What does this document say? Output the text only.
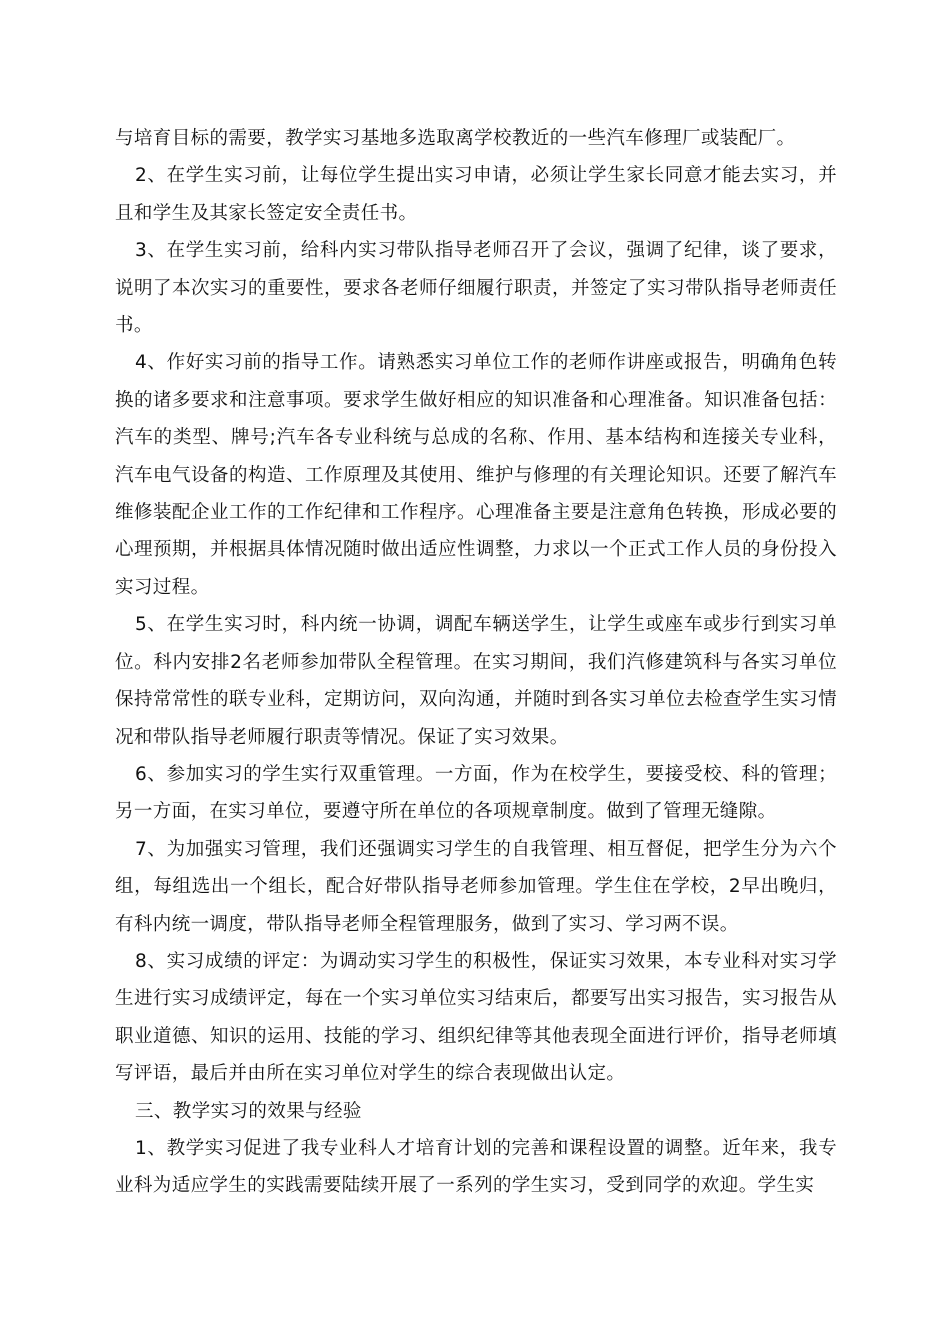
与培育目标的需要，教学实习基地多选取离学校教近的一些汽车修理厂或装配厂。

2、在学生实习前，让每位学生提出实习申请，必须让学生家长同意才能去实习，并且和学生及其家长签定安全责任书。

3、在学生实习前，给科内实习带队指导老师召开了会议，强调了纪律，谈了要求，说明了本次实习的重要性，要求各老师仔细履行职责，并签定了实习带队指导老师责任书。

4、作好实习前的指导工作。请熟悉实习单位工作的老师作讲座或报告，明确角色转换的诸多要求和注意事项。要求学生做好相应的知识准备和心理准备。知识准备包括：汽车的类型、牌号;汽车各专业科统与总成的名称、作用、基本结构和连接关专业科，汽车电气设备的构造、工作原理及其使用、维护与修理的有关理论知识。还要了解汽车维修装配企业工作的工作纪律和工作程序。心理准备主要是注意角色转换，形成必要的心理预期，并根据具体情况随时做出适应性调整，力求以一个正式工作人员的身份投入实习过程。

5、在学生实习时，科内统一协调，调配车辆送学生，让学生或座车或步行到实习单位。科内安排2名老师参加带队全程管理。在实习期间，我们汽修建筑科与各实习单位保持常常性的联专业科，定期访问，双向沟通，并随时到各实习单位去检查学生实习情况和带队指导老师履行职责等情况。保证了实习效果。

6、参加实习的学生实行双重管理。一方面，作为在校学生，要接受校、科的管理；另一方面，在实习单位，要遵守所在单位的各项规章制度。做到了管理无缝隙。

7、为加强实习管理，我们还强调实习学生的自我管理、相互督促，把学生分为六个组，每组选出一个组长，配合好带队指导老师参加管理。学生住在学校，2早出晚归，有科内统一调度，带队指导老师全程管理服务，做到了实习、学习两不误。

8、实习成绩的评定：为调动实习学生的积极性，保证实习效果，本专业科对实习学生进行实习成绩评定，每在一个实习单位实习结束后，都要写出实习报告，实习报告从职业道德、知识的运用、技能的学习、组织纪律等其他表现全面进行评价，指导老师填写评语，最后并由所在实习单位对学生的综合表现做出认定。

三、教学实习的效果与经验

1、教学实习促进了我专业科人才培育计划的完善和课程设置的调整。近年来，我专业科为适应学生的实践需要陆续开展了一系列的学生实习，受到同学的欢迎。学生实
